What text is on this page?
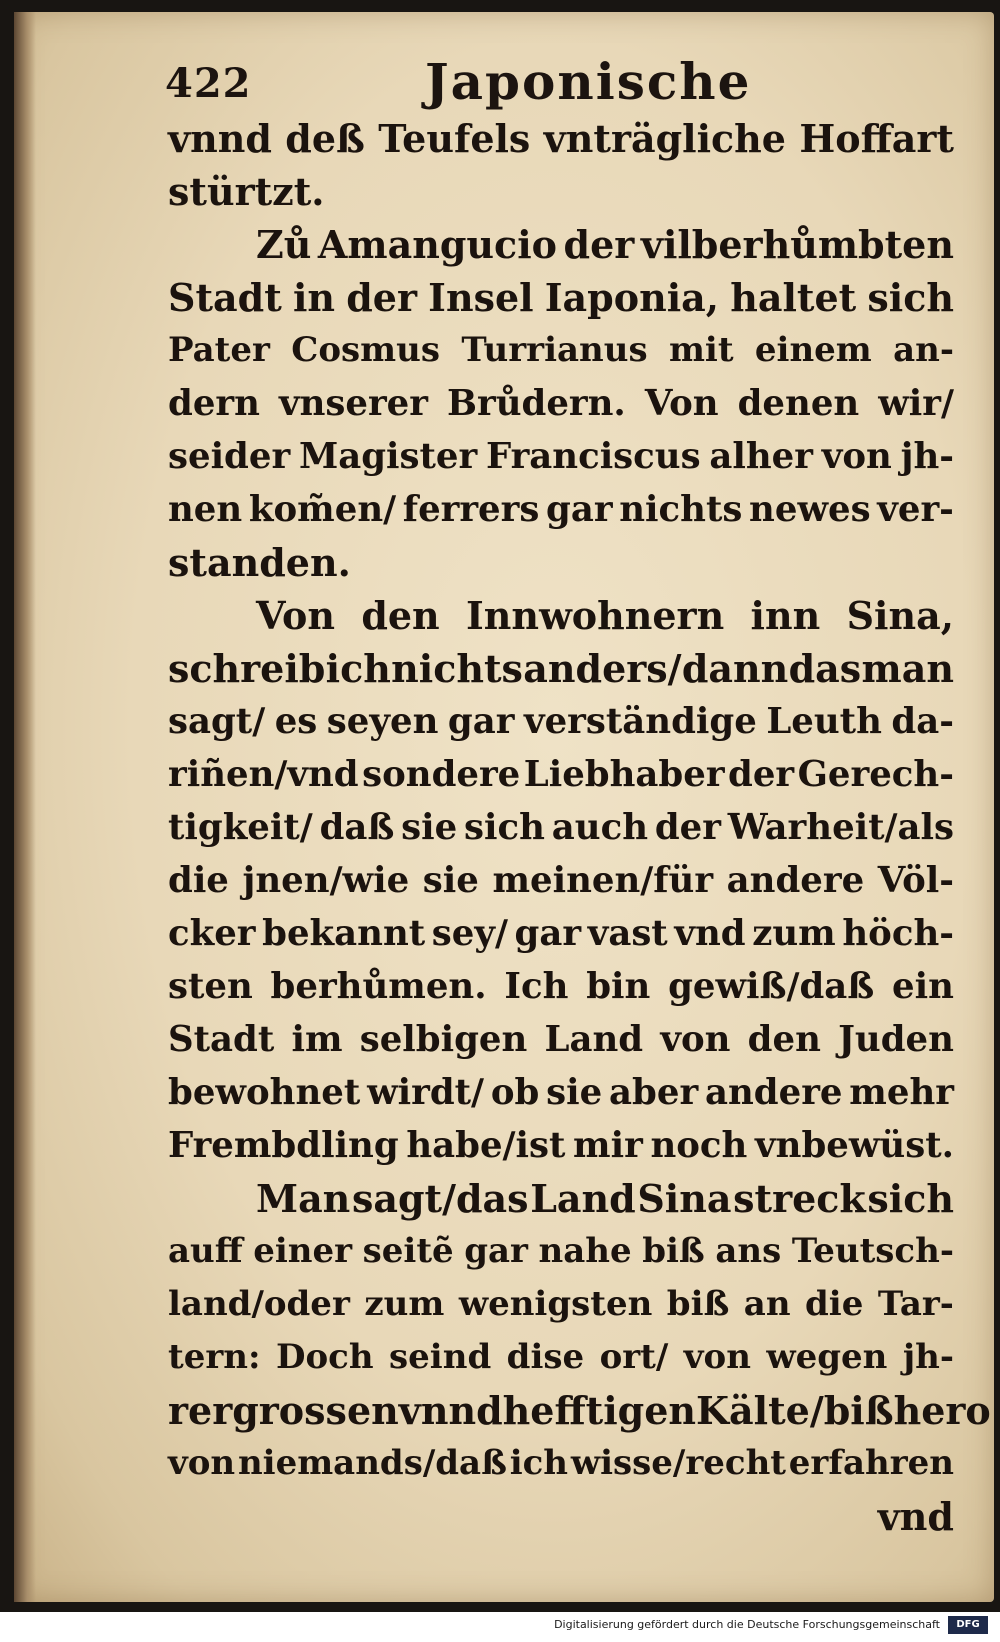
422	Japonische
vnnd deß Teufels vnträgliche Hoffart
stürtzt.
Zů Amangucio der vilberhůmbten
Stadt in der Insel Iaponia, haltet sich
Pater Cosmus Turrianus mit einem an-
dern vnserer Brůdern. Von denen wir/
seider Magister Franciscus alher von jh-
nen kom̃en/ ferrers gar nichts newes ver-
standen.
Von den Innwohnern inn Sina,
schreib ich nichts anders/ dann das man
sagt/ es seyen gar verständige Leuth da-
riñen/vnd sondere Liebhaber der Gerech-
tigkeit/ daß sie sich auch der Warheit/als
die jnen/wie sie meinen/für andere Völ-
cker bekannt sey/ gar vast vnd zum höch-
sten berhůmen. Ich bin gewiß/daß ein
Stadt im selbigen Land von den Juden
bewohnet wirdt/ ob sie aber andere mehr
Frembdling habe/ist mir noch vnbewüst.
Man sagt/das Land Sina streck sich
auff einer seitẽ gar nahe biß ans Teutsch-
land/oder zum wenigsten biß an die Tar-
tern: Doch seind dise ort/ von wegen jh-
rer grossen vnnd hefftigen Kälte/ bißhero
von niemands/daß ich wisse/recht erfahren
vnd
Digitalisierung gefördert durch die Deutsche Forschungsgemeinschaft	DFG
